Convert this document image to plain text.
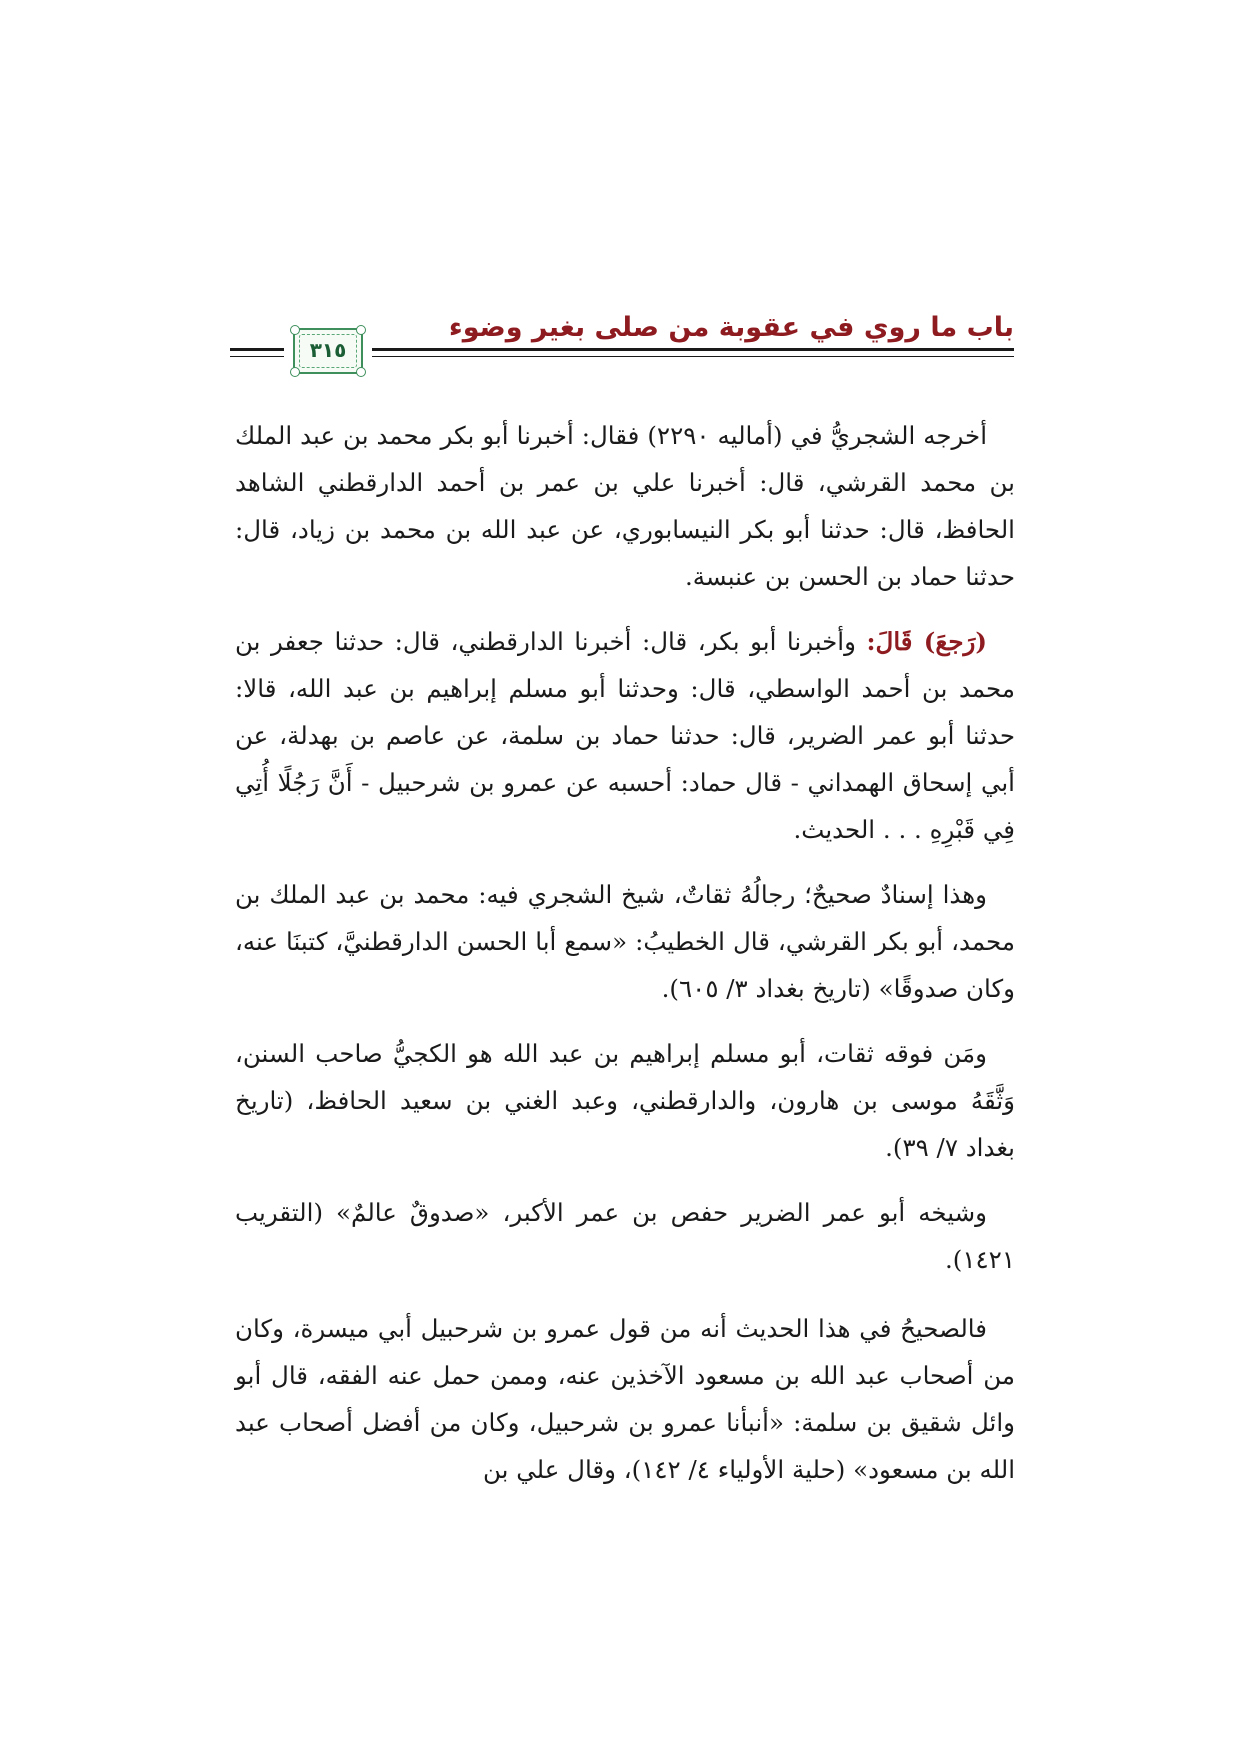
باب ما روي في عقوبة من صلى بغير وضوء
٣١٥

أخرجه الشجريُّ في (أماليه ٢٢٩٠) فقال: أخبرنا أبو بكر محمد بن عبد الملك بن محمد القرشي، قال: أخبرنا علي بن عمر بن أحمد الدارقطني الشاهد الحافظ، قال: حدثنا أبو بكر النيسابوري، عن عبد الله بن محمد بن زياد، قال: حدثنا حماد بن الحسن بن عنبسة.

(رَجعَ) قَالَ: وأخبرنا أبو بكر، قال: أخبرنا الدارقطني، قال: حدثنا جعفر بن محمد بن أحمد الواسطي، قال: وحدثنا أبو مسلم إبراهيم بن عبد الله، قالا: حدثنا أبو عمر الضرير، قال: حدثنا حماد بن سلمة، عن عاصم بن بهدلة، عن أبي إسحاق الهمداني - قال حماد: أحسبه عن عمرو بن شرحبيل - أَنَّ رَجُلًا أُتِي فِي قَبْرِهِ . . . الحديث.

وهذا إسنادٌ صحيحٌ؛ رجالُهُ ثقاتٌ، شيخ الشجري فيه: محمد بن عبد الملك بن محمد، أبو بكر القرشي، قال الخطيبُ: «سمع أبا الحسن الدارقطنيَّ، كتبنَا عنه، وكان صدوقًا» (تاريخ بغداد ٣/ ٦٠٥).

ومَن فوقه ثقات، أبو مسلم إبراهيم بن عبد الله هو الكجيُّ صاحب السنن، وَثَّقَهُ موسى بن هارون، والدارقطني، وعبد الغني بن سعيد الحافظ، (تاريخ بغداد ٧/ ٣٩).

وشيخه أبو عمر الضرير حفص بن عمر الأكبر، «صدوقٌ عالمٌ» (التقريب ١٤٢١).

فالصحيحُ في هذا الحديث أنه من قول عمرو بن شرحبيل أبي ميسرة، وكان من أصحاب عبد الله بن مسعود الآخذين عنه، وممن حمل عنه الفقه، قال أبو وائل شقيق بن سلمة: «أنبأنا عمرو بن شرحبيل، وكان من أفضل أصحاب عبد الله بن مسعود» (حلية الأولياء ٤/ ١٤٢)، وقال علي بن
